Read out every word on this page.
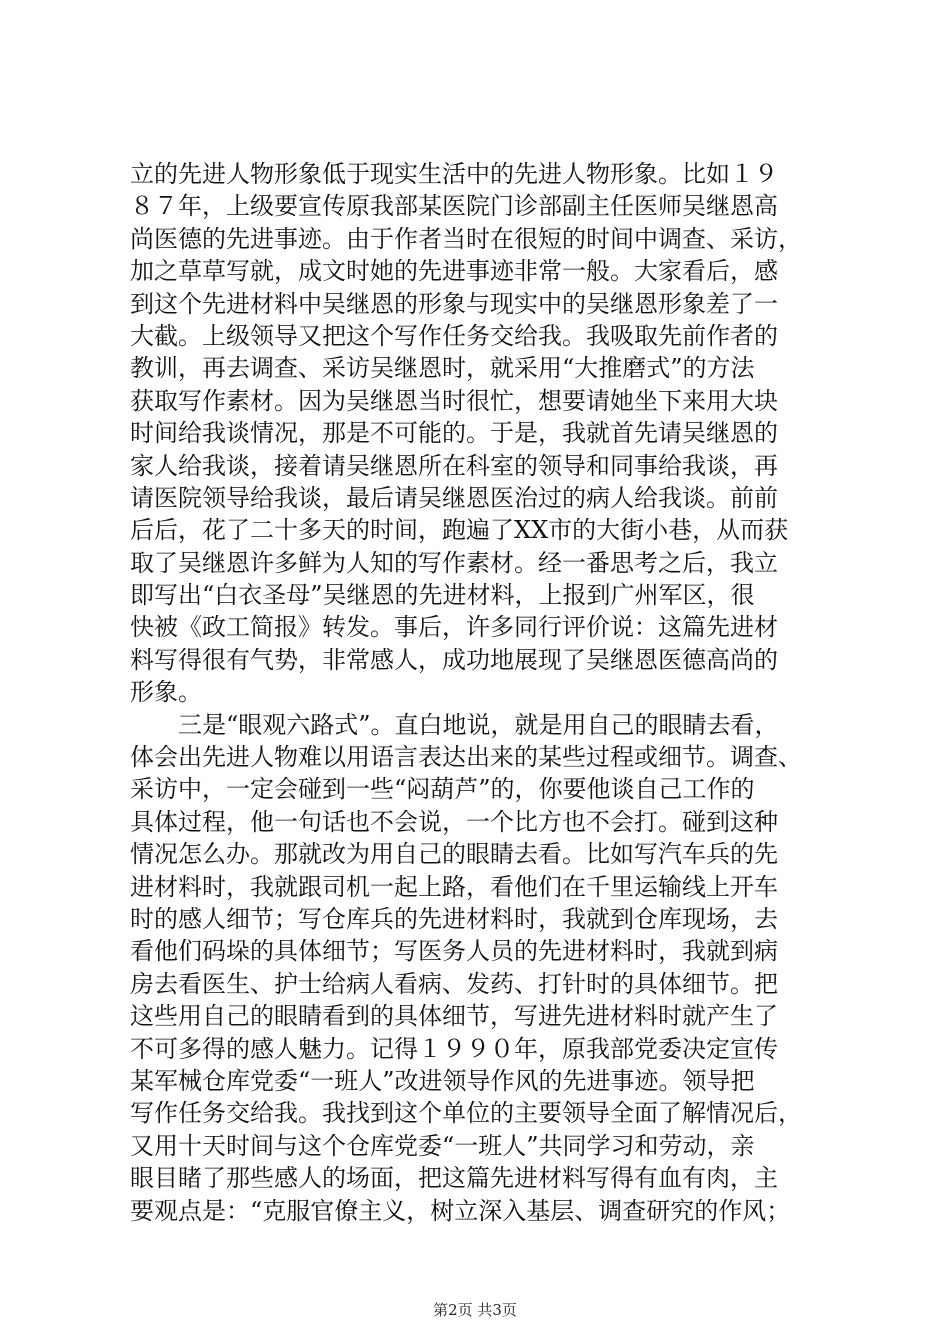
立的先进人物形象低于现实生活中的先进人物形象。比如１９
８７年，上级要宣传原我部某医院门诊部副主任医师吴继恩高
尚医德的先进事迹。由于作者当时在很短的时间中调查、采访，
加之草草写就，成文时她的先进事迹非常一般。大家看后，感
到这个先进材料中吴继恩的形象与现实中的吴继恩形象差了一
大截。上级领导又把这个写作任务交给我。我吸取先前作者的
教训，再去调查、采访吴继恩时，就采用“大推磨式”的方法
获取写作素材。因为吴继恩当时很忙，想要请她坐下来用大块
时间给我谈情况，那是不可能的。于是，我就首先请吴继恩的
家人给我谈，接着请吴继恩所在科室的领导和同事给我谈，再
请医院领导给我谈，最后请吴继恩医治过的病人给我谈。前前
后后，花了二十多天的时间，跑遍了XX市的大街小巷，从而获
取了吴继恩许多鲜为人知的写作素材。经一番思考之后，我立
即写出“白衣圣母”吴继恩的先进材料，上报到广州军区，很
快被《政工简报》转发。事后，许多同行评价说：这篇先进材
料写得很有气势，非常感人，成功地展现了吴继恩医德高尚的
形象。
　　三是“眼观六路式”。直白地说，就是用自己的眼睛去看，
体会出先进人物难以用语言表达出来的某些过程或细节。调查、
采访中，一定会碰到一些“闷葫芦”的，你要他谈自己工作的
具体过程，他一句话也不会说，一个比方也不会打。碰到这种
情况怎么办。那就改为用自己的眼睛去看。比如写汽车兵的先
进材料时，我就跟司机一起上路，看他们在千里运输线上开车
时的感人细节；写仓库兵的先进材料时，我就到仓库现场，去
看他们码垛的具体细节；写医务人员的先进材料时，我就到病
房去看医生、护士给病人看病、发药、打针时的具体细节。把
这些用自己的眼睛看到的具体细节，写进先进材料时就产生了
不可多得的感人魅力。记得１９９０年，原我部党委决定宣传
某军械仓库党委“一班人”改进领导作风的先进事迹。领导把
写作任务交给我。我找到这个单位的主要领导全面了解情况后，
又用十天时间与这个仓库党委“一班人”共同学习和劳动，亲
眼目睹了那些感人的场面，把这篇先进材料写得有血有肉，主
要观点是：“克服官僚主义，树立深入基层、调查研究的作风；
第2页 共3页
